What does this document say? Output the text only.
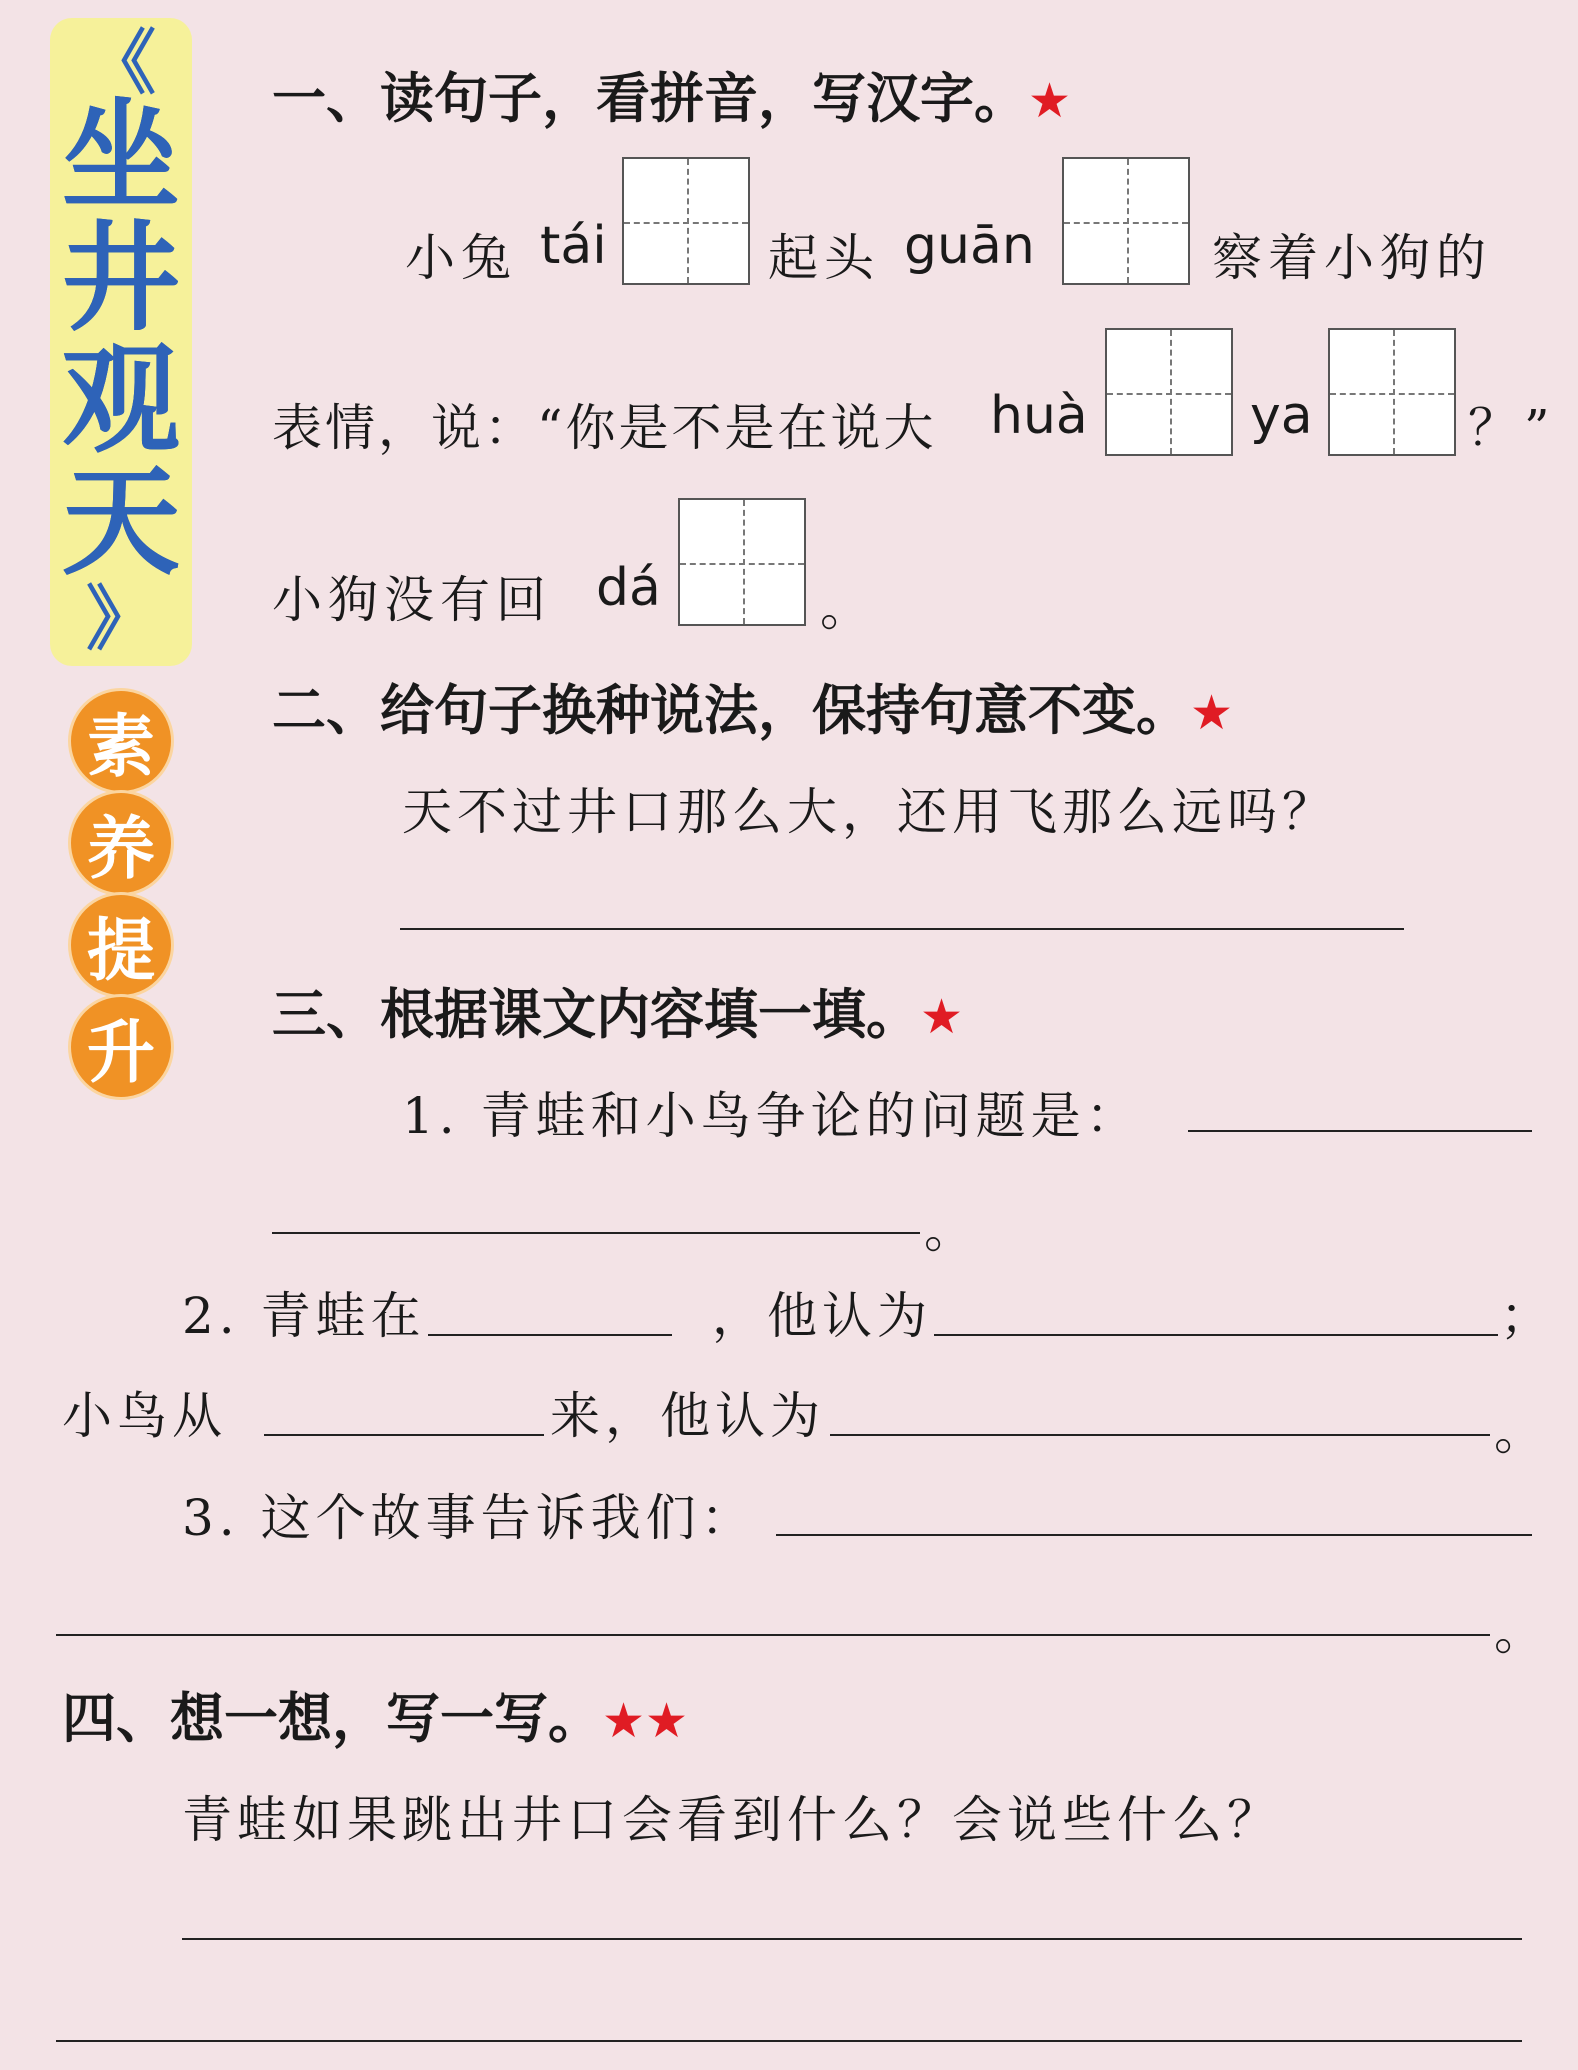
《
坐
井
观
天
》
素
养
提
升
一、读句子，看拼音，写汉字。★
小兔 tái	起头 guān	察着小狗的
表情，说：“你是不是在说大 huà	ya	？”
小狗没有回 dá	。
二、给句子换种说法，保持句意不变。★
天不过井口那么大，还用飞那么远吗？
三、根据课文内容填一填。★
1. 青蛙和小鸟争论的问题是：
。
2. 青蛙在	，他认为	；
小鸟从	来，他认为	。
3. 这个故事告诉我们：
。
四、想一想，写一写。★★
青蛙如果跳出井口会看到什么？会说些什么？
